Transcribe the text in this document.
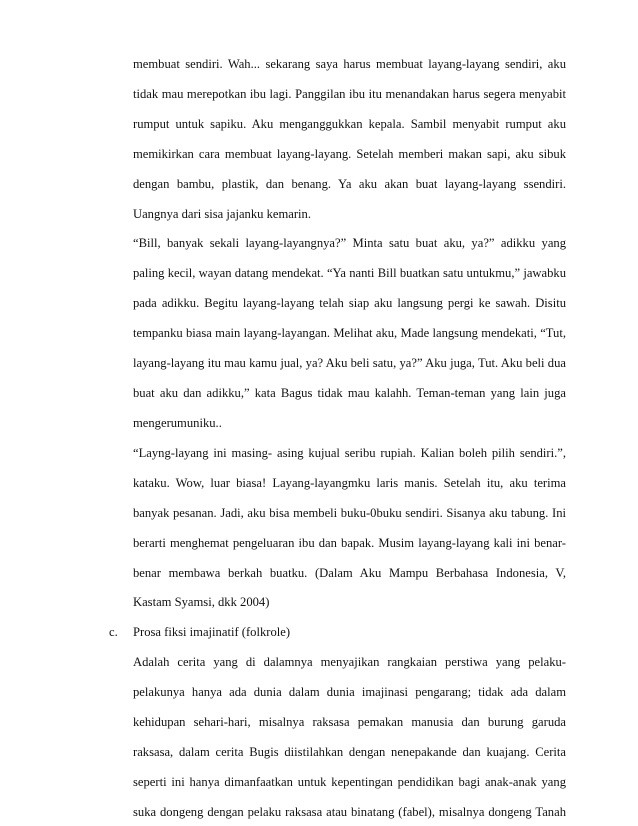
membuat sendiri. Wah... sekarang saya harus membuat layang-layang sendiri, aku
tidak mau merepotkan ibu lagi. Panggilan ibu itu menandakan harus segera menyabit
rumput untuk sapiku. Aku menganggukkan kepala. Sambil menyabit rumput aku
memikirkan cara membuat layang-layang. Setelah memberi makan sapi, aku sibuk
dengan bambu, plastik, dan benang. Ya aku akan buat layang-layang ssendiri.
Uangnya dari sisa jajanku kemarin.
“Bill, banyak sekali layang-layangnya?” Minta satu buat aku, ya?” adikku yang
paling kecil, wayan datang mendekat. “Ya nanti Bill buatkan satu untukmu,” jawabku
pada adikku. Begitu layang-layang telah siap aku langsung pergi ke sawah. Disitu
tempanku biasa main layang-layangan. Melihat aku, Made langsung mendekati, “Tut,
layang-layang itu mau kamu jual, ya? Aku beli satu, ya?” Aku juga, Tut. Aku beli dua
buat aku dan adikku,” kata Bagus tidak mau kalahh. Teman-teman yang lain juga
mengerumuniku..
“Layng-layang ini masing- asing kujual seribu rupiah. Kalian boleh pilih sendiri.”,
kataku. Wow, luar biasa! Layang-layangmku laris manis. Setelah itu, aku terima
banyak pesanan. Jadi, aku bisa membeli buku-0buku sendiri. Sisanya aku tabung. Ini
berarti menghemat pengeluaran ibu dan bapak. Musim layang-layang kali ini benar-
benar membawa berkah buatku. (Dalam Aku Mampu Berbahasa Indonesia, V,
Kastam Syamsi, dkk 2004)
c. Prosa fiksi imajinatif (folkrole)
Adalah cerita yang di dalamnya menyajikan rangkaian perstiwa yang pelaku-
pelakunya hanya ada dunia dalam dunia imajinasi pengarang; tidak ada dalam
kehidupan sehari-hari, misalnya raksasa pemakan manusia dan burung garuda
raksasa, dalam cerita Bugis diistilahkan dengan nenepakande dan kuajang. Cerita
seperti ini hanya dimanfaatkan untuk kepentingan pendidikan bagi anak-anak yang
suka dongeng dengan pelaku raksasa atau binatang (fabel), misalnya dongeng Tanah
